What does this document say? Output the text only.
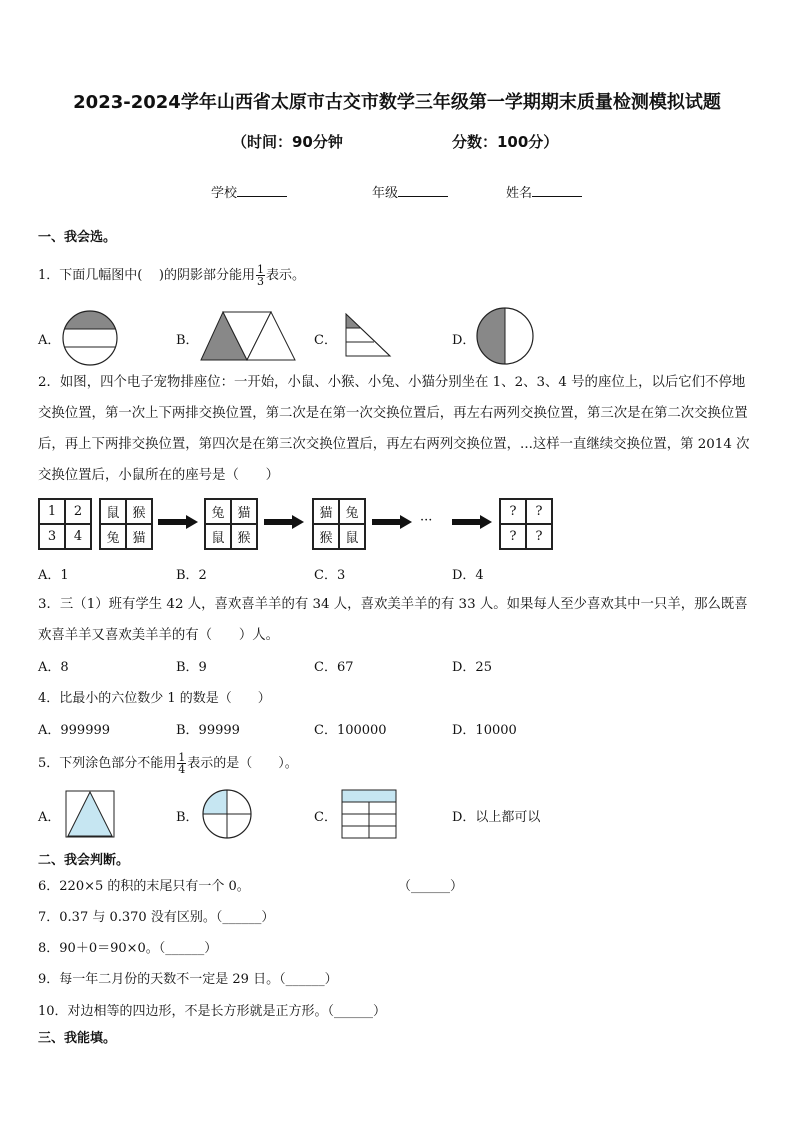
2023-2024学年山西省太原市古交市数学三年级第一学期期末质量检测模拟试题
（时间：90分钟	分数：100分）
学校	年级	姓名
一、我会选。
1．下面几幅图中( )的阴影部分能用 $\frac{1}{3}$ 表示。
A．	B．	C．	D．
2．如图，四个电子宠物排座位：一开始，小鼠、小猴、小兔、小猫分别坐在 1、2、3、4 号的座位上，以后它们不停地交换位置，第一次上下两排交换位置，第二次是在第一次交换位置后，再左右两列交换位置，第三次是在第二次交换位置后，再上下两排交换位置，第四次是在第三次交换位置后，再左右两列交换位置，...这样一直继续交换位置，第 2014 次交换位置后，小鼠所在的座号是（　　）
1	2
3	4
鼠 猴
兔 猫
兔 猫
鼠 猴
猫 兔
猴 鼠
···
?	?
?	?
A．1	B．2	C．3	D．4
3．三（1）班有学生 42 人，喜欢喜羊羊的有 34 人，喜欢美羊羊的有 33 人。如果每人至少喜欢其中一只羊，那么既喜欢喜羊羊又喜欢美羊羊的有（　　）人。
A．8	B．9	C．67	D．25
4．比最小的六位数少 1 的数是（　　）
A．999999	B．99999	C．100000	D．10000
5．下列涂色部分不能用 $\frac{1}{4}$ 表示的是（　　）。
A．	B．	C．	D．以上都可以
二、我会判断。
6．220×5 的积的末尾只有一个 0。	（______）
7．0.37 与 0.370 没有区别。（______）
8．90＋0＝90×0。（______）
9．每一年二月份的天数不一定是 29 日。（______）
10．对边相等的四边形，不是长方形就是正方形。（______）
三、我能填。
